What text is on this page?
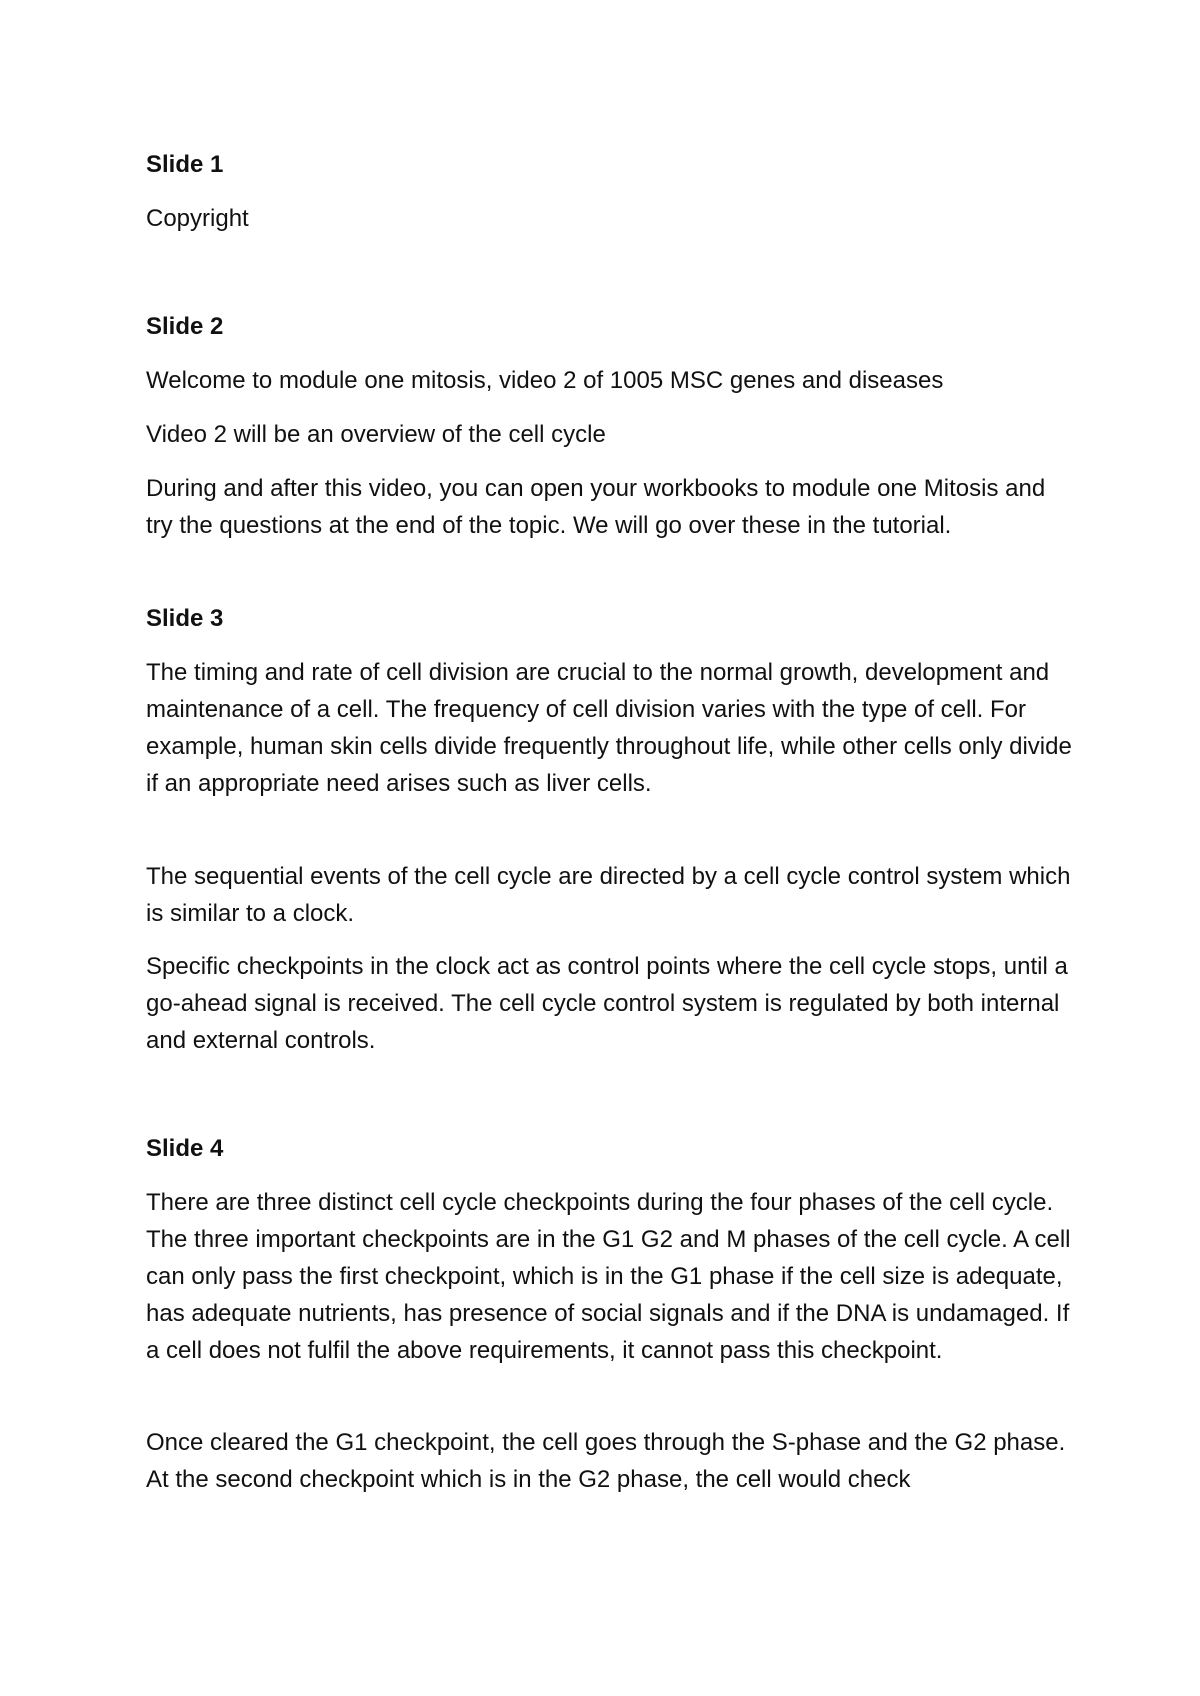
Slide 1

Copyright

Slide 2

Welcome to module one mitosis, video 2 of 1005 MSC genes and diseases

Video 2 will be an overview of the cell cycle

During and after this video, you can open your workbooks to module one Mitosis and try the questions at the end of the topic. We will go over these in the tutorial.

Slide 3

The timing and rate of cell division are crucial to the normal growth, development and maintenance of a cell. The frequency of cell division varies with the type of cell. For example, human skin cells divide frequently throughout life, while other cells only divide if an appropriate need arises such as liver cells.

The sequential events of the cell cycle are directed by a cell cycle control system which is similar to a clock.

Specific checkpoints in the clock act as control points where the cell cycle stops, until a go-ahead signal is received. The cell cycle control system is regulated by both internal and external controls.

Slide 4

There are three distinct cell cycle checkpoints during the four phases of the cell cycle. The three important checkpoints are in the G1 G2 and M phases of the cell cycle. A cell can only pass the first checkpoint, which is in the G1 phase if the cell size is adequate, has adequate nutrients, has presence of social signals and if the DNA is undamaged. If a cell does not fulfil the above requirements, it cannot pass this checkpoint.

Once cleared the G1 checkpoint, the cell goes through the S-phase and the G2 phase. At the second checkpoint which is in the G2 phase, the cell would check
